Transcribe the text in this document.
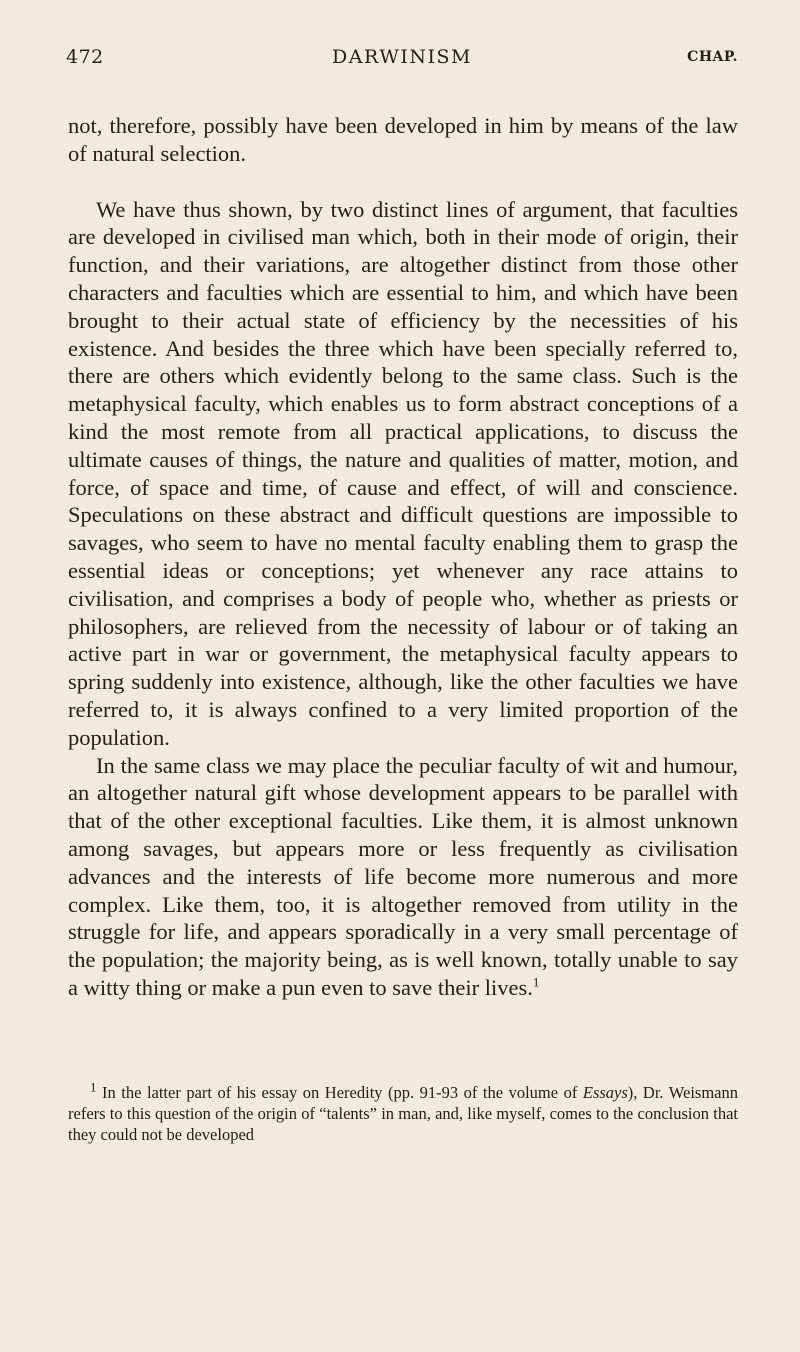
472	DARWINISM	CHAP.

not, therefore, possibly have been developed in him by means of the law of natural selection.

We have thus shown, by two distinct lines of argument, that faculties are developed in civilised man which, both in their mode of origin, their function, and their variations, are altogether distinct from those other characters and faculties which are essential to him, and which have been brought to their actual state of efficiency by the necessities of his existence. And besides the three which have been specially referred to, there are others which evidently belong to the same class. Such is the metaphysical faculty, which enables us to form abstract conceptions of a kind the most remote from all practical applications, to discuss the ultimate causes of things, the nature and qualities of matter, motion, and force, of space and time, of cause and effect, of will and conscience. Speculations on these abstract and difficult questions are impossible to savages, who seem to have no mental faculty enabling them to grasp the essential ideas or conceptions; yet whenever any race attains to civilisation, and comprises a body of people who, whether as priests or philosophers, are relieved from the necessity of labour or of taking an active part in war or government, the metaphysical faculty appears to spring suddenly into existence, although, like the other faculties we have referred to, it is always confined to a very limited proportion of the population.

In the same class we may place the peculiar faculty of wit and humour, an altogether natural gift whose development appears to be parallel with that of the other exceptional faculties. Like them, it is almost unknown among savages, but appears more or less frequently as civilisation advances and the interests of life become more numerous and more complex. Like them, too, it is altogether removed from utility in the struggle for life, and appears sporadically in a very small percentage of the population; the majority being, as is well known, totally unable to say a witty thing or make a pun even to save their lives.$^1$

$^1$ In the latter part of his essay on Heredity (pp. 91-93 of the volume of Essays), Dr. Weismann refers to this question of the origin of “talents” in man, and, like myself, comes to the conclusion that they could not be developed
